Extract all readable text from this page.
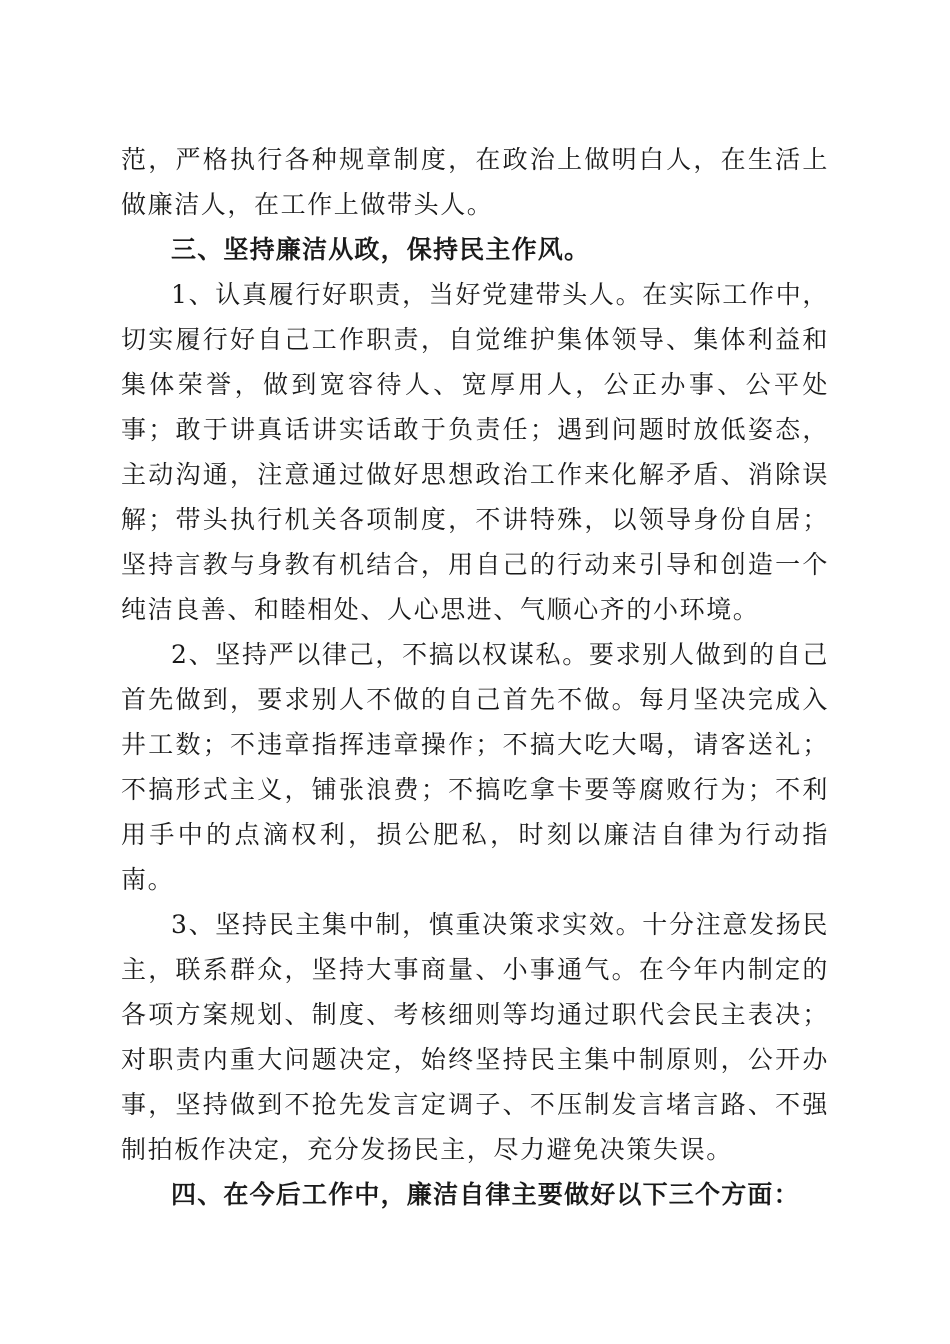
范，严格执行各种规章制度，在政治上做明白人，在生活上做廉洁人，在工作上做带头人。

三、坚持廉洁从政，保持民主作风。

1、认真履行好职责，当好党建带头人。在实际工作中，切实履行好自己工作职责，自觉维护集体领导、集体利益和集体荣誉，做到宽容待人、宽厚用人，公正办事、公平处事；敢于讲真话讲实话敢于负责任；遇到问题时放低姿态，主动沟通，注意通过做好思想政治工作来化解矛盾、消除误解；带头执行机关各项制度，不讲特殊，以领导身份自居；坚持言教与身教有机结合，用自己的行动来引导和创造一个纯洁良善、和睦相处、人心思进、气顺心齐的小环境。

2、坚持严以律己，不搞以权谋私。要求别人做到的自己首先做到，要求别人不做的自己首先不做。每月坚决完成入井工数；不违章指挥违章操作；不搞大吃大喝，请客送礼；不搞形式主义，铺张浪费；不搞吃拿卡要等腐败行为；不利用手中的点滴权利，损公肥私，时刻以廉洁自律为行动指南。

3、坚持民主集中制，慎重决策求实效。十分注意发扬民主，联系群众，坚持大事商量、小事通气。在今年内制定的各项方案规划、制度、考核细则等均通过职代会民主表决；对职责内重大问题决定，始终坚持民主集中制原则，公开办事，坚持做到不抢先发言定调子、不压制发言堵言路、不强制拍板作决定，充分发扬民主，尽力避免决策失误。

四、在今后工作中，廉洁自律主要做好以下三个方面：
